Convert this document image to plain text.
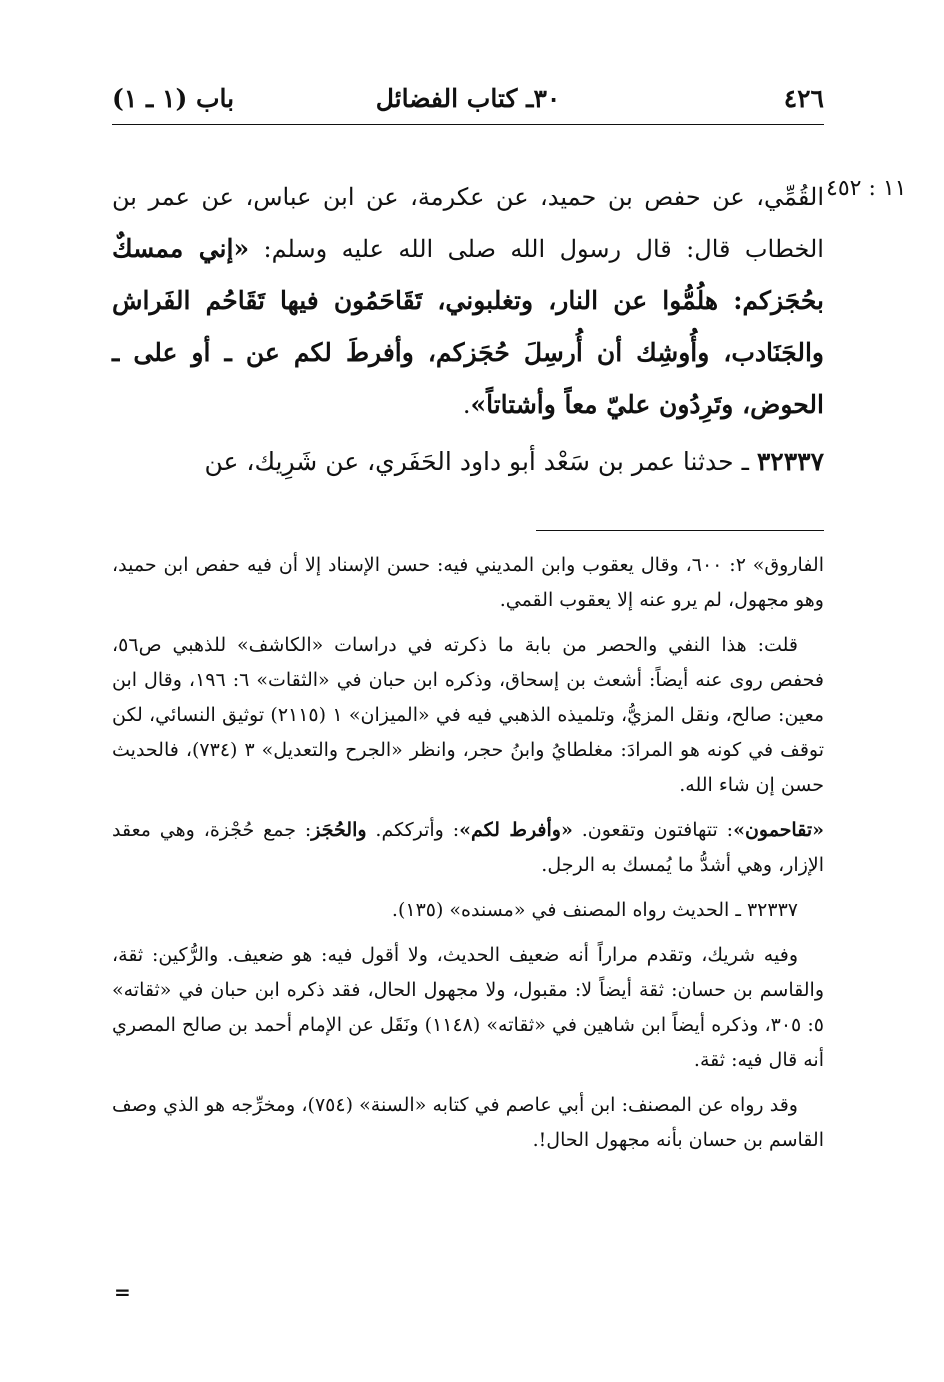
٤٢٦
٣٠ـ كتاب الفضائل
باب (١ ـ ١)
١١ : ٤٥٢
القُمِّي، عن حفص بن حميد، عن عكرمة، عن ابن عباس، عن عمر بن الخطاب قال: قال رسول الله صلى الله عليه وسلم: «إني ممسكٌ بحُجَزكم: هلُمُّوا عن النار، وتغلبوني، تَقَاحَمُون فيها تَقَاحُم الفَراش والجَنَادب، وأُوشِك أن أُرسِلَ حُجَزكم، وأفرطَ لكم عن ـ أو على ـ الحوض، وتَرِدُون عليّ معاً وأشتاتاً».
٣٢٣٣٧ ـ حدثنا عمر بن سَعْد أبو داود الحَفَري، عن شَرِيك، عن

الفاروق» ٢: ٦٠٠، وقال يعقوب وابن المديني فيه: حسن الإسناد إلا أن فيه حفص ابن حميد، وهو مجهول، لم يرو عنه إلا يعقوب القمي.

قلت: هذا النفي والحصر من بابة ما ذكرته في دراسات «الكاشف» للذهبي ص٥٦، فحفص روى عنه أيضاً: أشعث بن إسحاق، وذكره ابن حبان في «الثقات» ٦: ١٩٦، وقال ابن معين: صالح، ونقل المزيُّ، وتلميذه الذهبي فيه في «الميزان» ١ (٢١١٥) توثيق النسائي، لكن توقف في كونه هو المرادَ: مغلطايُ وابنُ حجر، وانظر «الجرح والتعديل» ٣ (٧٣٤)، فالحديث حسن إن شاء الله.

«تقاحمون»: تتهافتون وتقعون. «وأفرط لكم»: وأترككم. والحُجَز: جمع حُجْزة، وهي معقد الإزار، وهي أشدُّ ما يُمسك به الرجل.

٣٢٣٣٧ ـ الحديث رواه المصنف في «مسنده» (١٣٥).

وفيه شريك، وتقدم مراراً أنه ضعيف الحديث، ولا أقول فيه: هو ضعيف. والرُّكين: ثقة، والقاسم بن حسان: ثقة أيضاً لا: مقبول، ولا مجهول الحال، فقد ذكره ابن حبان في «ثقاته» ٥: ٣٠٥، وذكره أيضاً ابن شاهين في «ثقاته» (١١٤٨) ونَقَل عن الإمام أحمد بن صالح المصري أنه قال فيه: ثقة.

وقد رواه عن المصنف: ابن أبي عاصم في كتابه «السنة» (٧٥٤)، ومخرِّجه هو الذي وصف القاسم بن حسان بأنه مجهول الحال!.

=
